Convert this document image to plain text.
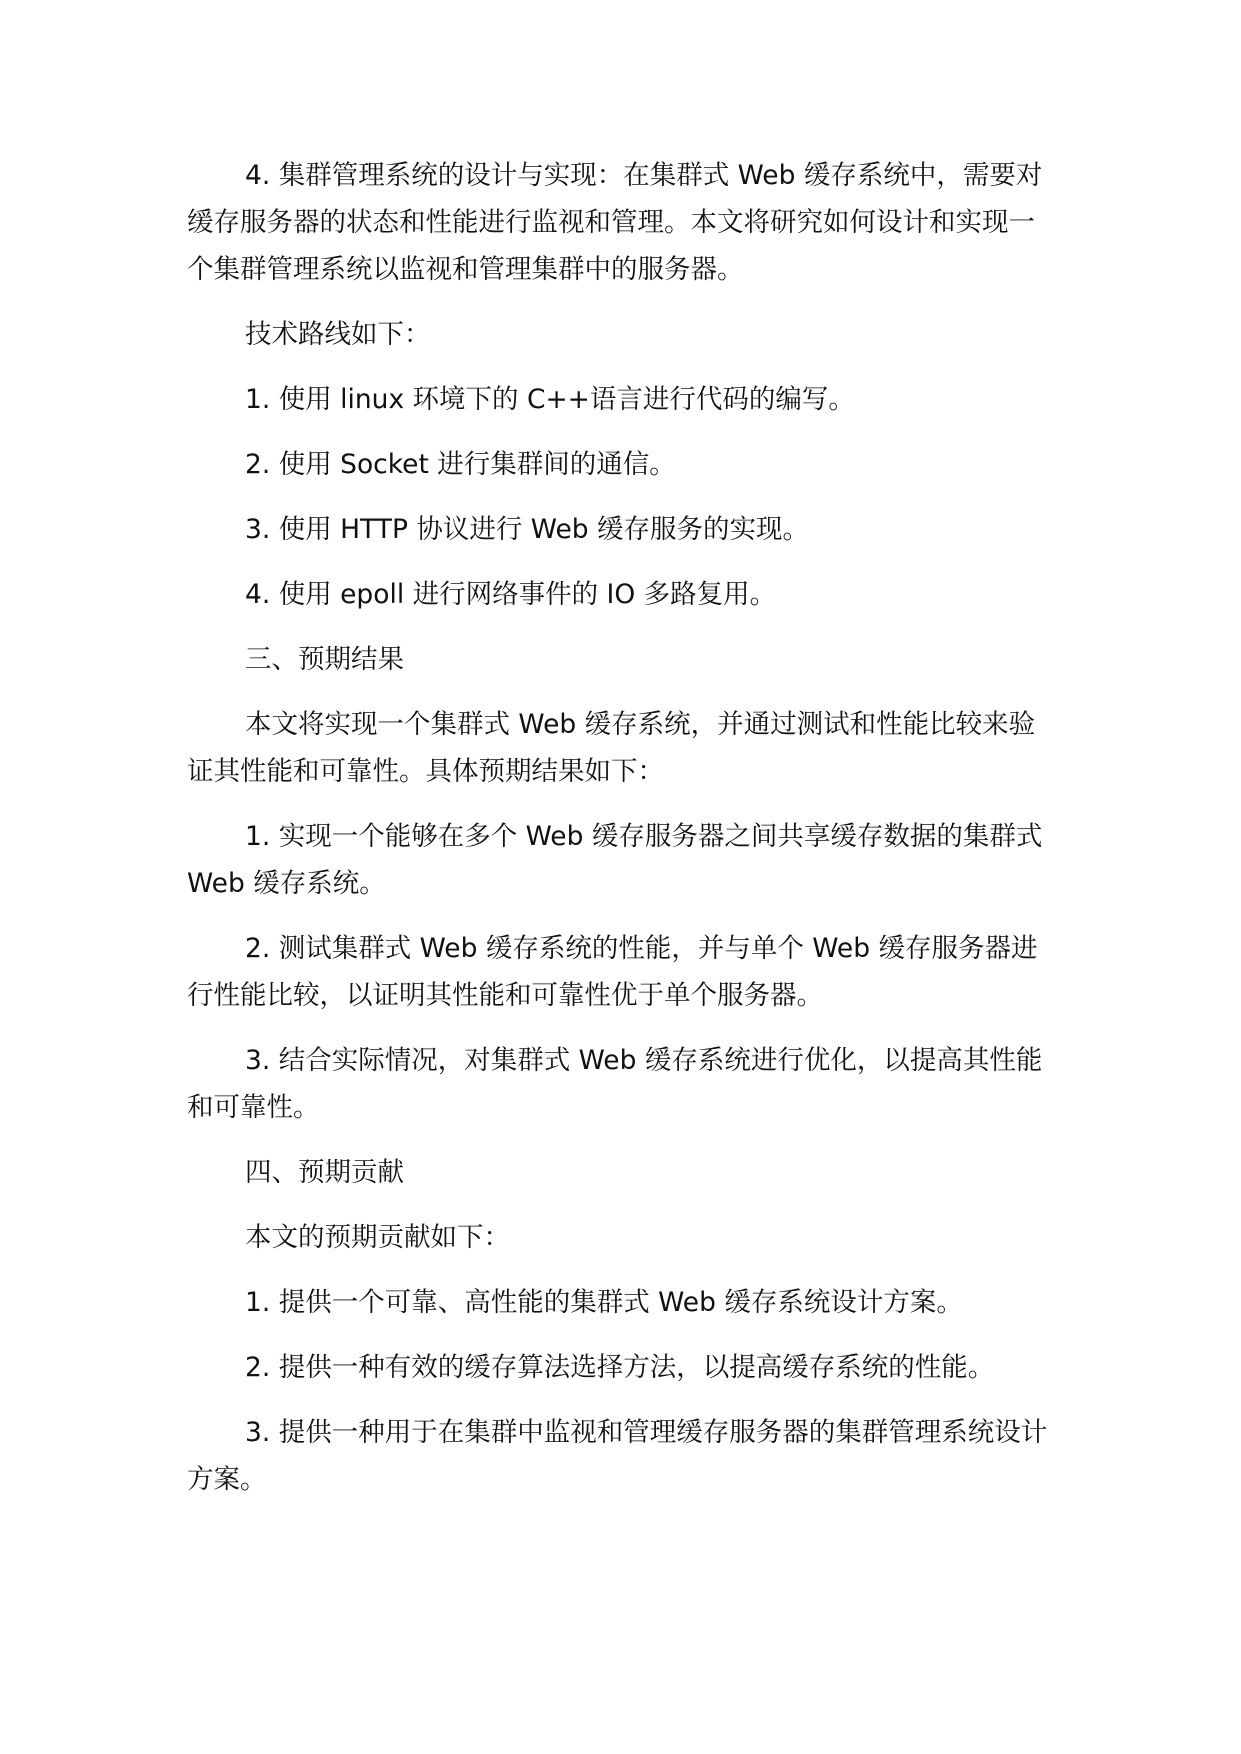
4. 集群管理系统的设计与实现：在集群式 Web 缓存系统中，需要对缓存服务器的状态和性能进行监视和管理。本文将研究如何设计和实现一个集群管理系统以监视和管理集群中的服务器。

技术路线如下：

1. 使用 linux 环境下的 C++语言进行代码的编写。

2. 使用 Socket 进行集群间的通信。

3. 使用 HTTP 协议进行 Web 缓存服务的实现。

4. 使用 epoll 进行网络事件的 IO 多路复用。

三、预期结果

本文将实现一个集群式 Web 缓存系统，并通过测试和性能比较来验证其性能和可靠性。具体预期结果如下：

1. 实现一个能够在多个 Web 缓存服务器之间共享缓存数据的集群式 Web 缓存系统。

2. 测试集群式 Web 缓存系统的性能，并与单个 Web 缓存服务器进行性能比较，以证明其性能和可靠性优于单个服务器。

3. 结合实际情况，对集群式 Web 缓存系统进行优化，以提高其性能和可靠性。

四、预期贡献

本文的预期贡献如下：

1. 提供一个可靠、高性能的集群式 Web 缓存系统设计方案。

2. 提供一种有效的缓存算法选择方法，以提高缓存系统的性能。

3. 提供一种用于在集群中监视和管理缓存服务器的集群管理系统设计方案。
